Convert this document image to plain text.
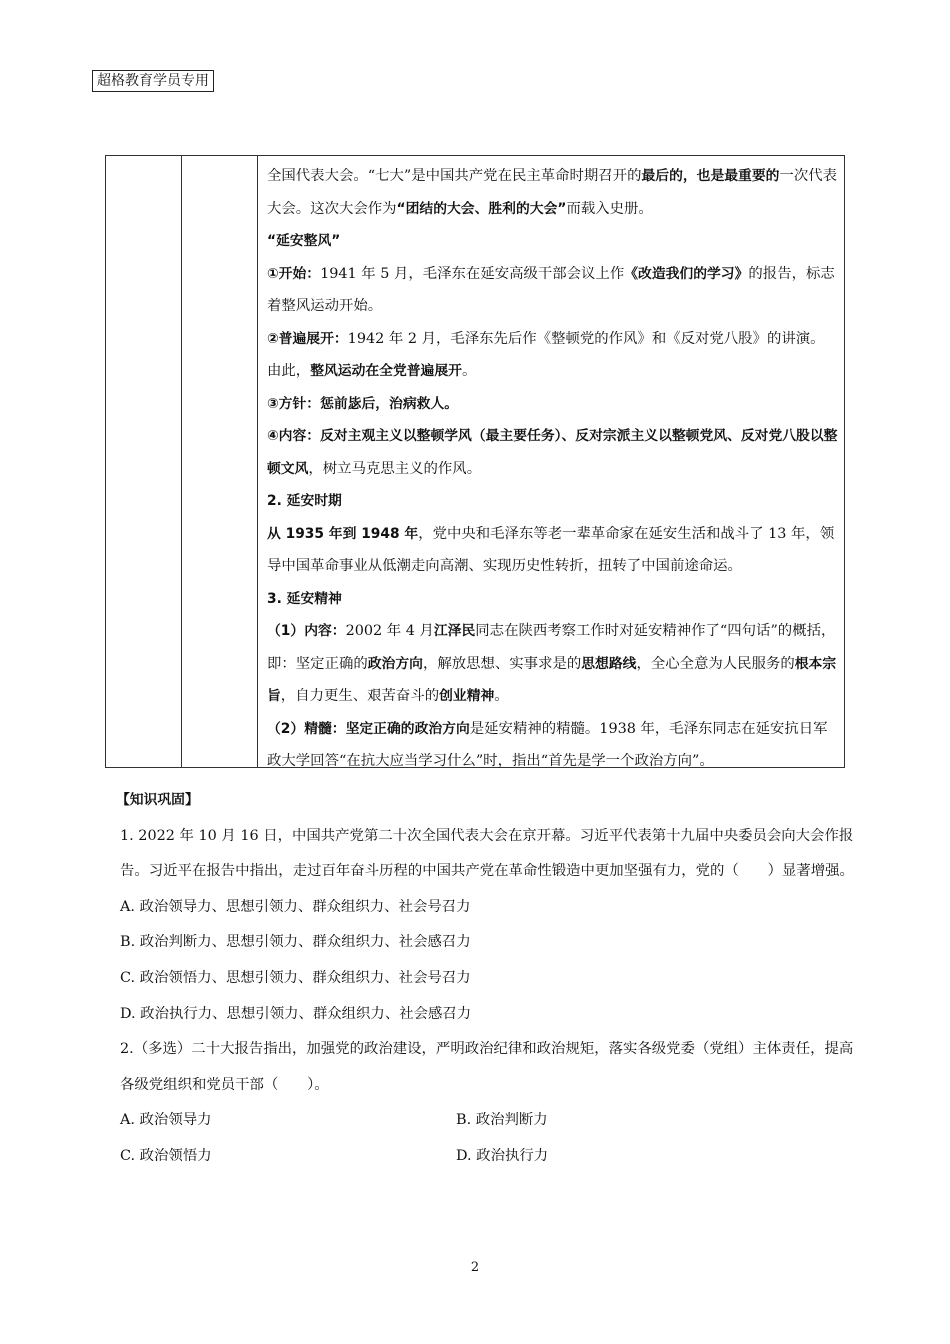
超格教育学员专用

全国代表大会。“七大”是中国共产党在民主革命时期召开的最后的，也是最重要的一次代表大会。这次大会作为“团结的大会、胜利的大会”而载入史册。

“延安整风”

①开始：1941 年 5 月，毛泽东在延安高级干部会议上作《改造我们的学习》的报告，标志着整风运动开始。

②普遍展开：1942 年 2 月，毛泽东先后作《整顿党的作风》和《反对党八股》的讲演。由此，整风运动在全党普遍展开。

③方针：惩前毖后，治病救人。

④内容：反对主观主义以整顿学风（最主要任务）、反对宗派主义以整顿党风、反对党八股以整顿文风，树立马克思主义的作风。

2. 延安时期

从 1935 年到 1948 年，党中央和毛泽东等老一辈革命家在延安生活和战斗了 13 年，领导中国革命事业从低潮走向高潮、实现历史性转折，扭转了中国前途命运。

3. 延安精神

（1）内容：2002 年 4 月江泽民同志在陕西考察工作时对延安精神作了“四句话”的概括，即：坚定正确的政治方向，解放思想、实事求是的思想路线，全心全意为人民服务的根本宗旨，自力更生、艰苦奋斗的创业精神。

（2）精髓：坚定正确的政治方向是延安精神的精髓。1938 年，毛泽东同志在延安抗日军政大学回答“在抗大应当学习什么”时，指出“首先是学一个政治方向”。

【知识巩固】

1. 2022 年 10 月 16 日，中国共产党第二十次全国代表大会在京开幕。习近平代表第十九届中央委员会向大会作报告。习近平在报告中指出，走过百年奋斗历程的中国共产党在革命性锻造中更加坚强有力，党的（　　）显著增强。

A. 政治领导力、思想引领力、群众组织力、社会号召力

B. 政治判断力、思想引领力、群众组织力、社会感召力

C. 政治领悟力、思想引领力、群众组织力、社会号召力

D. 政治执行力、思想引领力、群众组织力、社会感召力

2.（多选）二十大报告指出，加强党的政治建设，严明政治纪律和政治规矩，落实各级党委（党组）主体责任，提高各级党组织和党员干部（　　）。

A. 政治领导力	B. 政治判断力
C. 政治领悟力	D. 政治执行力
2
